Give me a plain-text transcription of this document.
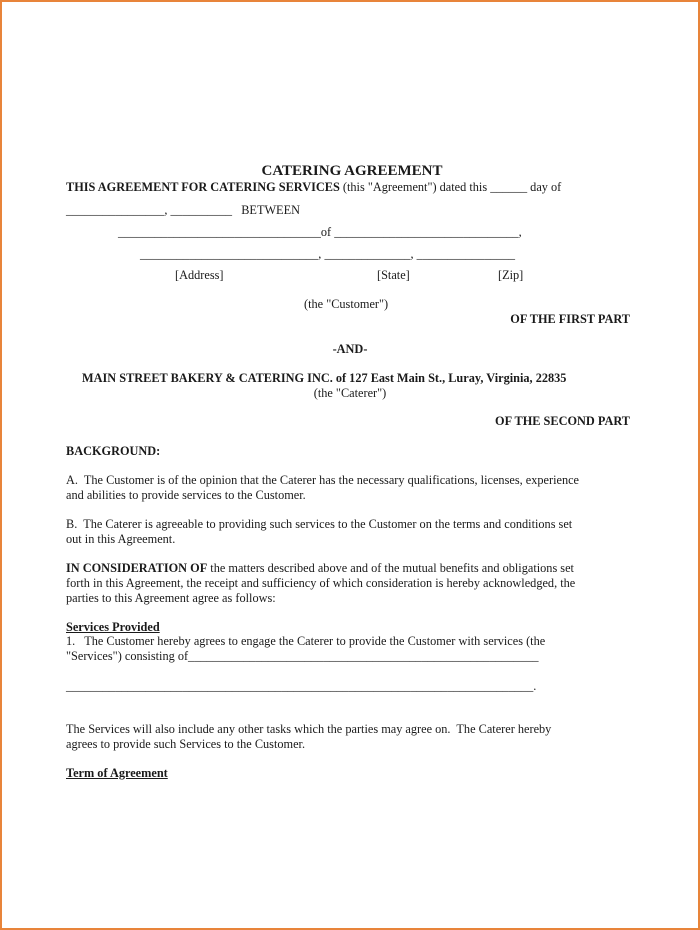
CATERING AGREEMENT

THIS AGREEMENT FOR CATERING SERVICES (this "Agreement") dated this ______ day of
________________, __________   BETWEEN
_________________________________of ______________________________,
_____________________________, ______________, ________________
[Address]	[State]	[Zip]
(the "Customer")
OF THE FIRST PART
-AND-
MAIN STREET BAKERY & CATERING INC. of 127 East Main St., Luray, Virginia, 22835
(the "Caterer")
OF THE SECOND PART
BACKGROUND:
A.  The Customer is of the opinion that the Caterer has the necessary qualifications, licenses, experience
and abilities to provide services to the Customer.
B.  The Caterer is agreeable to providing such services to the Customer on the terms and conditions set
out in this Agreement.
IN CONSIDERATION OF the matters described above and of the mutual benefits and obligations set
forth in this Agreement, the receipt and sufficiency of which consideration is hereby acknowledged, the
parties to this Agreement agree as follows:
Services Provided
1.   The Customer hereby agrees to engage the Caterer to provide the Customer with services (the
"Services") consisting of_________________________________________________________
____________________________________________________________________________.
The Services will also include any other tasks which the parties may agree on.  The Caterer hereby
agrees to provide such Services to the Customer.
Term of Agreement
